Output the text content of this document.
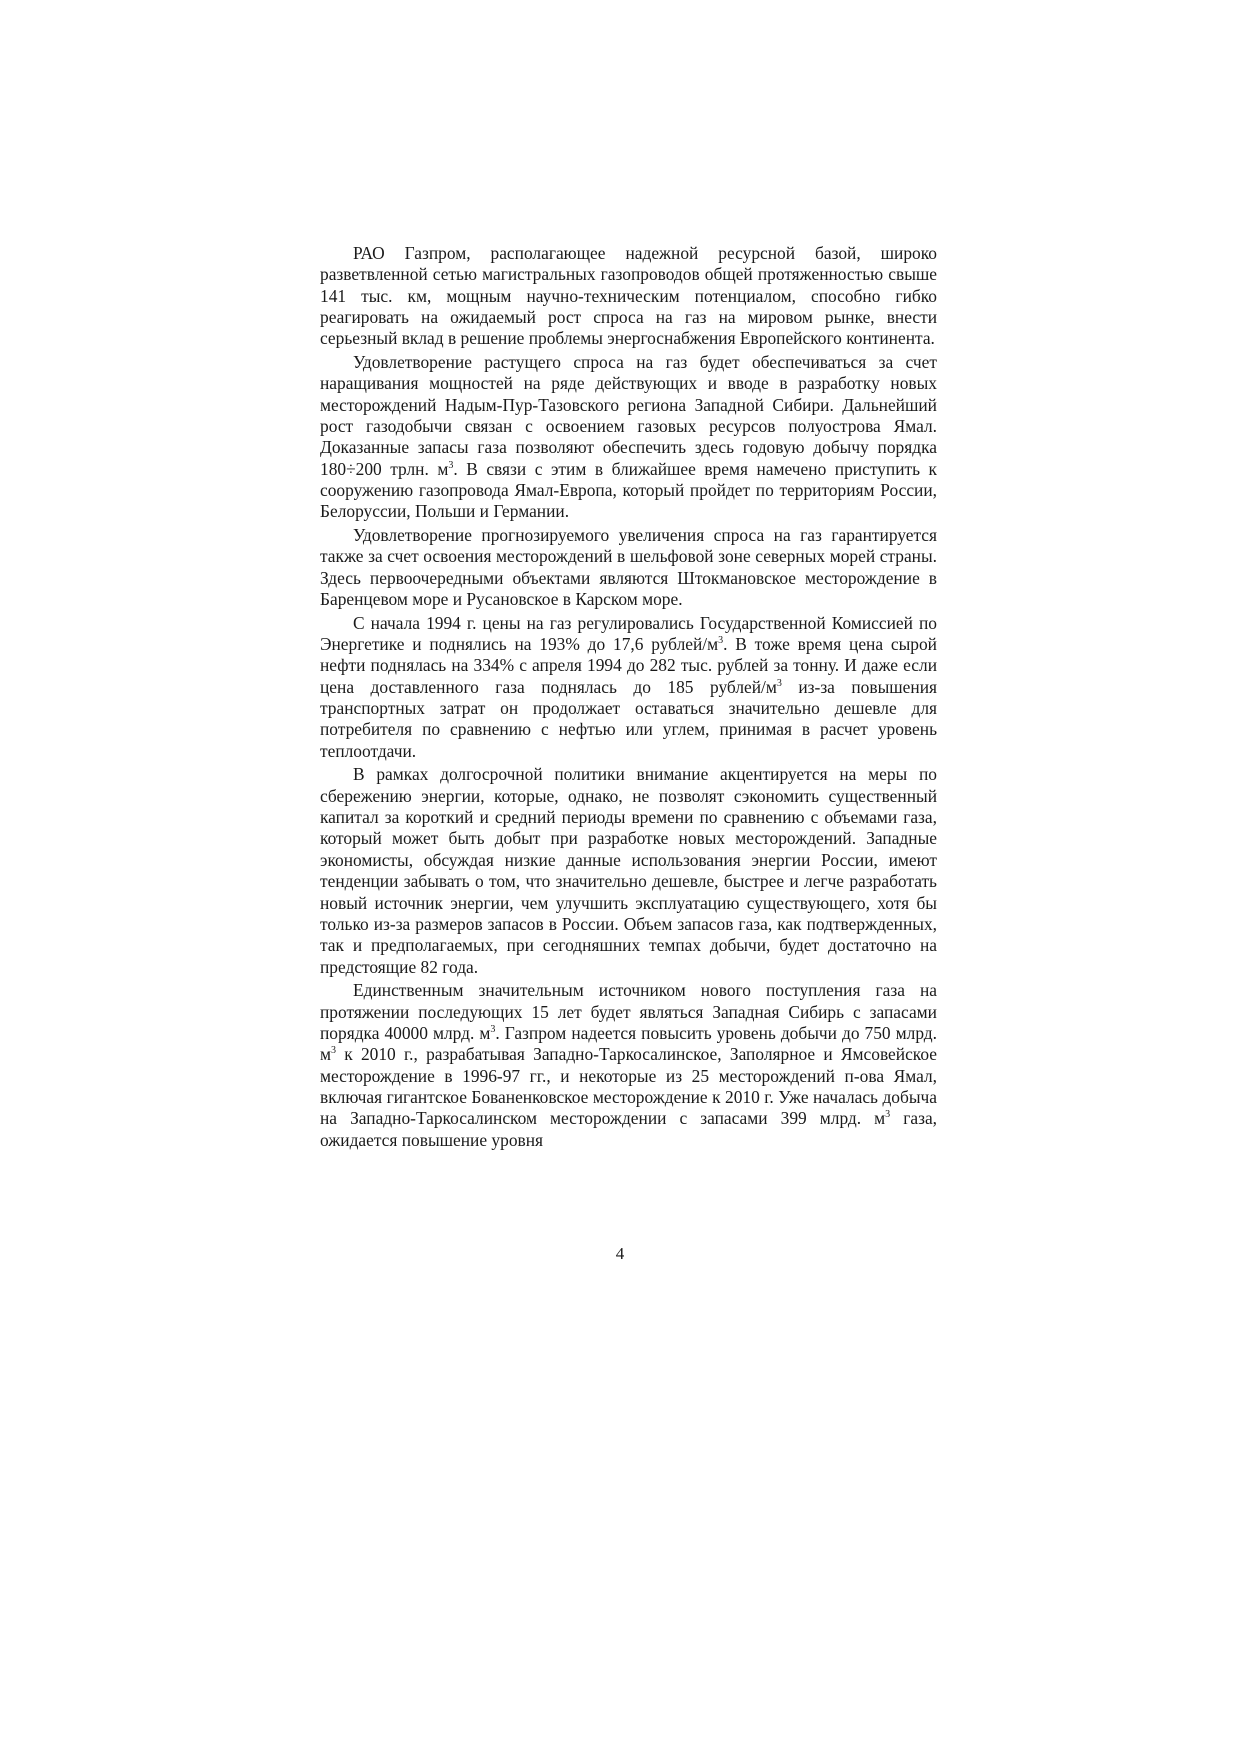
РАО Газпром, располагающее надежной ресурсной базой, широко разветвленной сетью магистральных газопроводов общей протяженностью свыше 141 тыс. км, мощным научно-техническим потенциалом, способно гибко реагировать на ожидаемый рост спроса на газ на мировом рынке, внести серьезный вклад в решение проблемы энергоснабжения Европейского континента.

Удовлетворение растущего спроса на газ будет обеспечиваться за счет наращивания мощностей на ряде действующих и вводе в разработку новых месторождений Надым-Пур-Тазовского региона Западной Сибири. Дальнейший рост газодобычи связан с освоением газовых ресурсов полуострова Ямал. Доказанные запасы газа позволяют обеспечить здесь годовую добычу порядка 180÷200 трлн. $м^3$. В связи с этим в ближайшее время намечено приступить к сооружению газопровода Ямал-Европа, который пройдет по территориям России, Белоруссии, Польши и Германии.

Удовлетворение прогнозируемого увеличения спроса на газ гарантируется также за счет освоения месторождений в шельфовой зоне северных морей страны. Здесь первоочередными объектами являются Штокмановское месторождение в Баренцевом море и Русановское в Карском море.

С начала 1994 г. цены на газ регулировались Государственной Комиссией по Энергетике и поднялись на 193% до 17,6 рублей/$м^3$. В тоже время цена сырой нефти поднялась на 334% с апреля 1994 до 282 тыс. рублей за тонну. И даже если цена доставленного газа поднялась до 185 рублей/$м^3$ из-за повышения транспортных затрат он продолжает оставаться значительно дешевле для потребителя по сравнению с нефтью или углем, принимая в расчет уровень теплоотдачи.

В рамках долгосрочной политики внимание акцентируется на меры по сбережению энергии, которые, однако, не позволят сэкономить существенный капитал за короткий и средний периоды времени по сравнению с объемами газа, который может быть добыт при разработке новых месторождений. Западные экономисты, обсуждая низкие данные использования энергии России, имеют тенденции забывать о том, что значительно дешевле, быстрее и легче разработать новый источник энергии, чем улучшить эксплуатацию существующего, хотя бы только из-за размеров запасов в России. Объем запасов газа, как подтвержденных, так и предполагаемых, при сегодняшних темпах добычи, будет достаточно на предстоящие 82 года.

Единственным значительным источником нового поступления газа на протяжении последующих 15 лет будет являться Западная Сибирь с запасами порядка 40000 млрд. $м^3$. Газпром надеется повысить уровень добычи до 750 млрд. $м^3$ к 2010 г., разрабатывая Западно-Таркосалинское, Заполярное и Ямсовейское месторождение в 1996-97 гг., и некоторые из 25 месторождений п-ова Ямал, включая гигантское Бованенковское месторождение к 2010 г. Уже началась добыча на Западно-Таркосалинском месторождении с запасами 399 млрд. $м^3$ газа, ожидается повышение уровня

4
